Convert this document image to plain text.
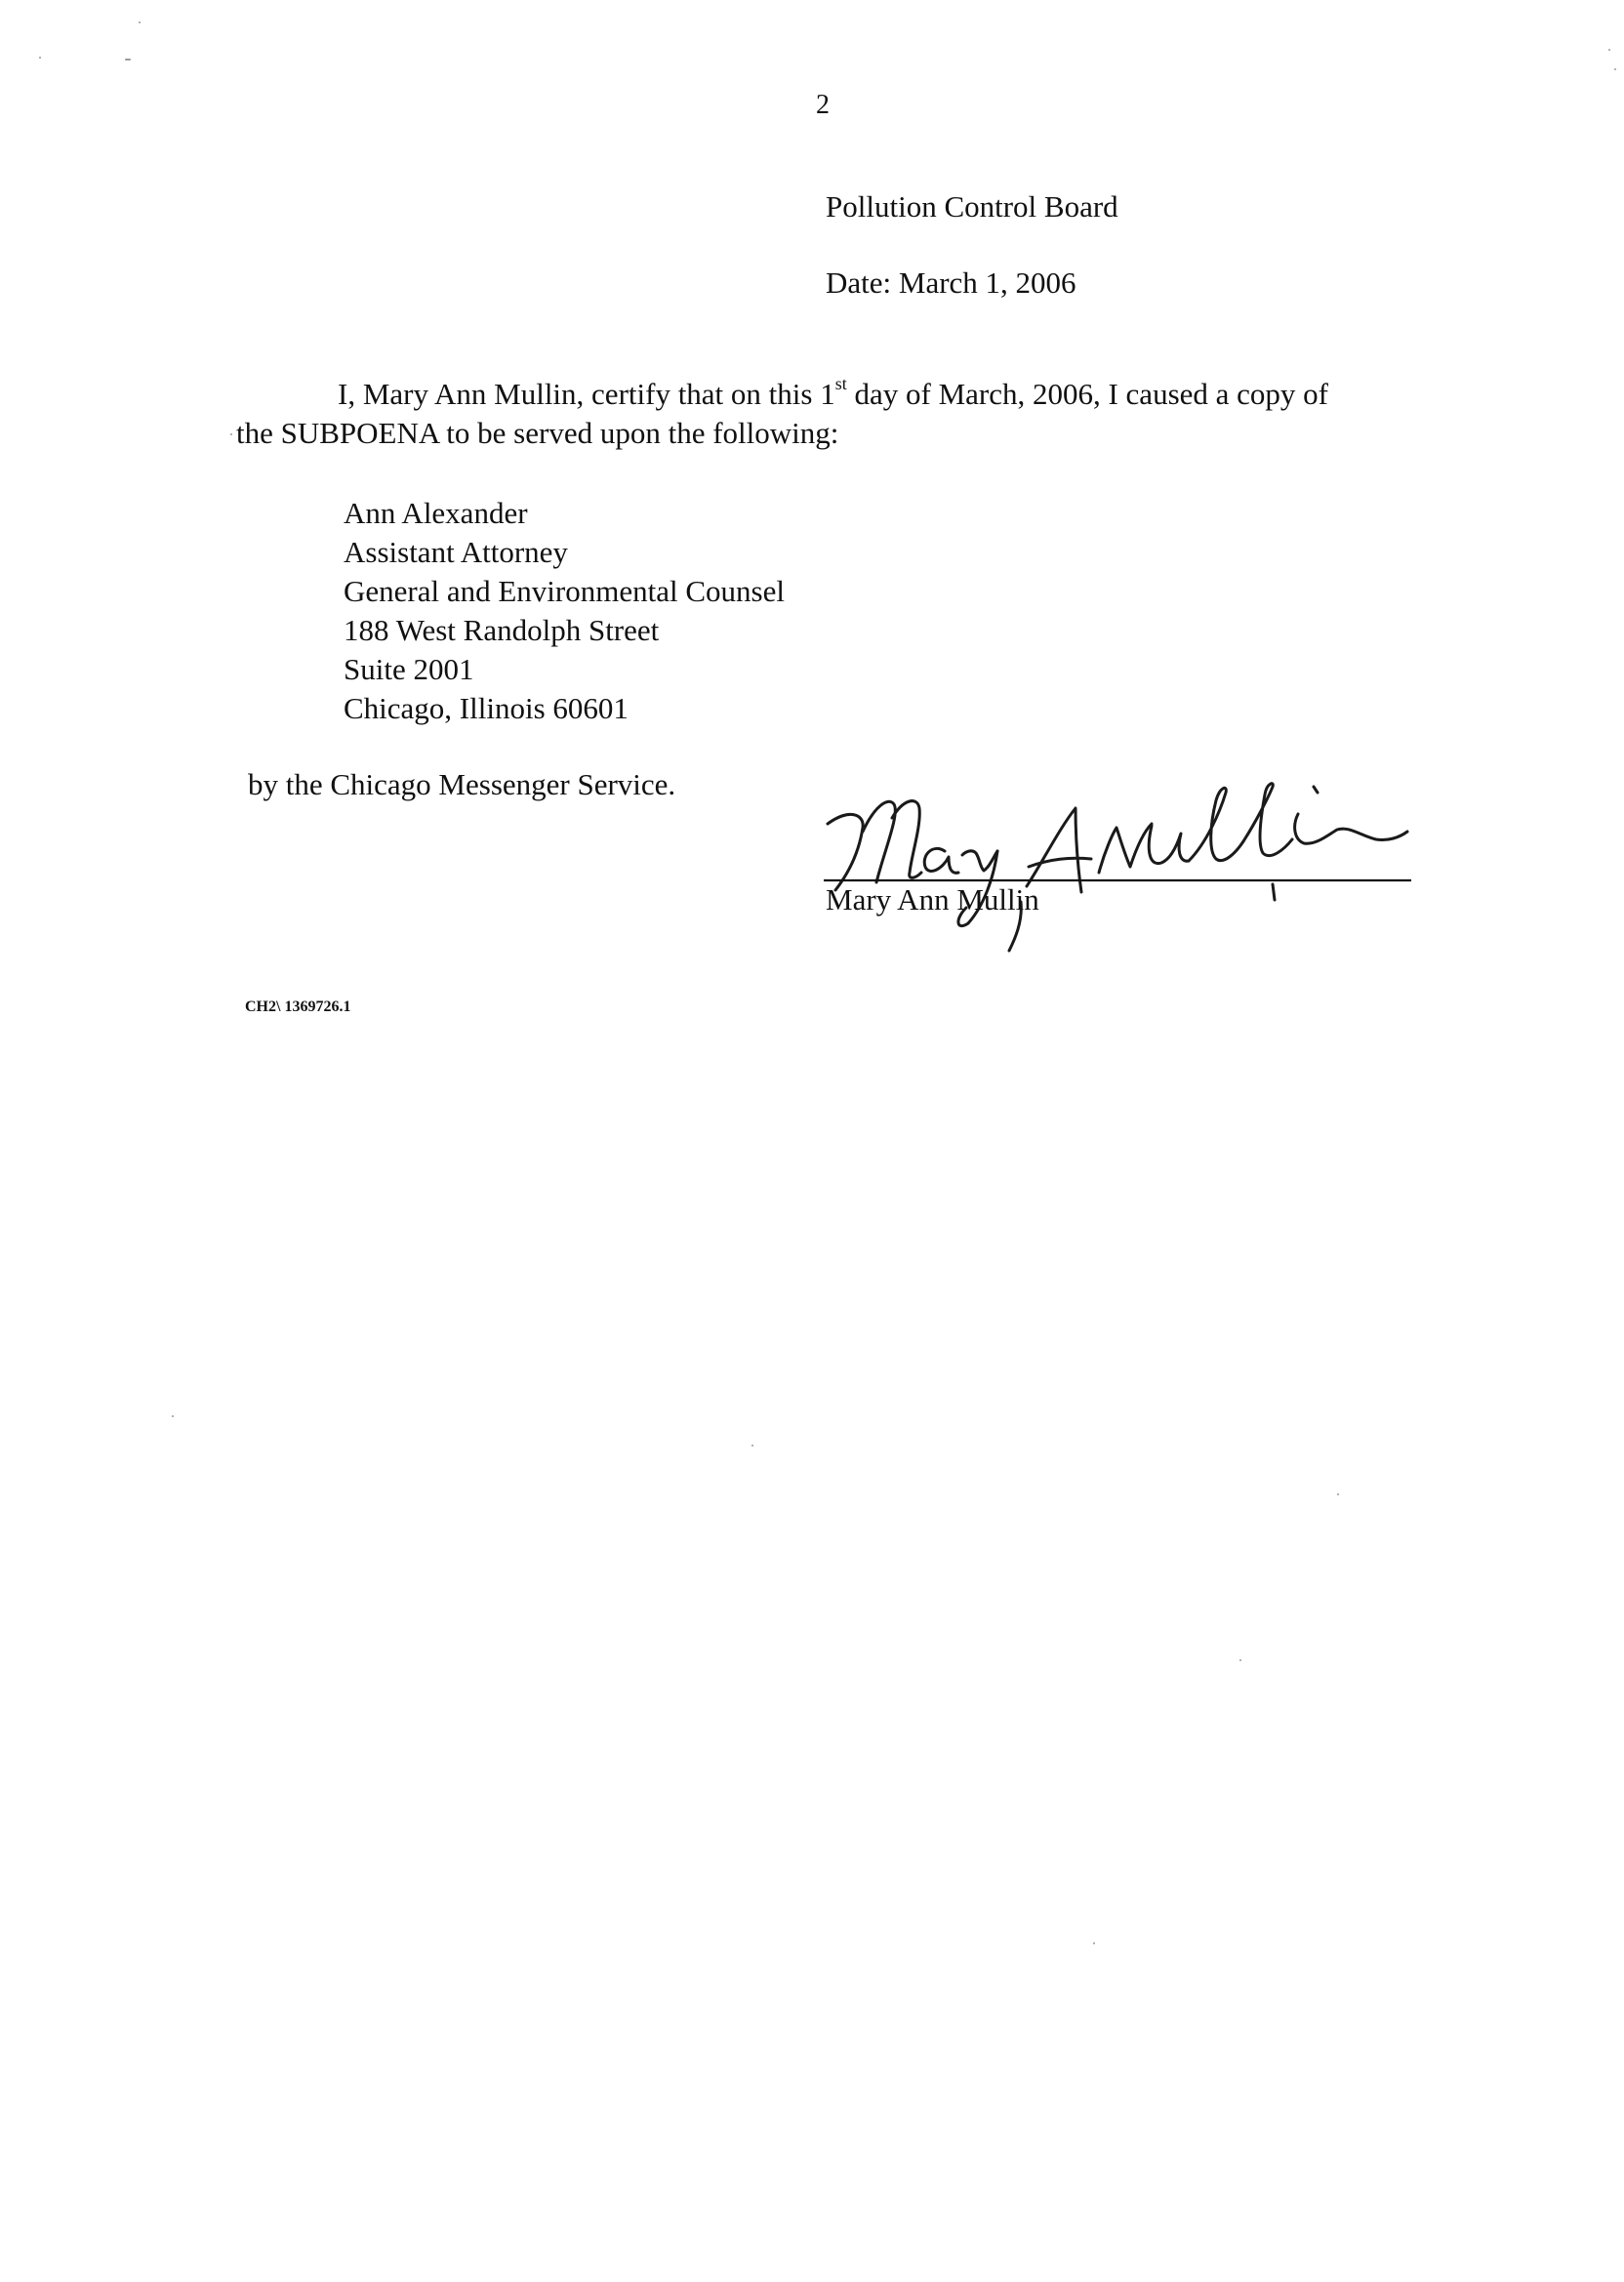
2
Pollution Control Board
Date: March 1, 2006
I, Mary Ann Mullin, certify that on this 1st day of March, 2006, I caused a copy of
the SUBPOENA to be served upon the following:
Ann Alexander
Assistant Attorney
General and Environmental Counsel
188 West Randolph Street
Suite 2001
Chicago, Illinois 60601
by the Chicago Messenger Service.
Mary Ann Mullin
CH2\ 1369726.1
